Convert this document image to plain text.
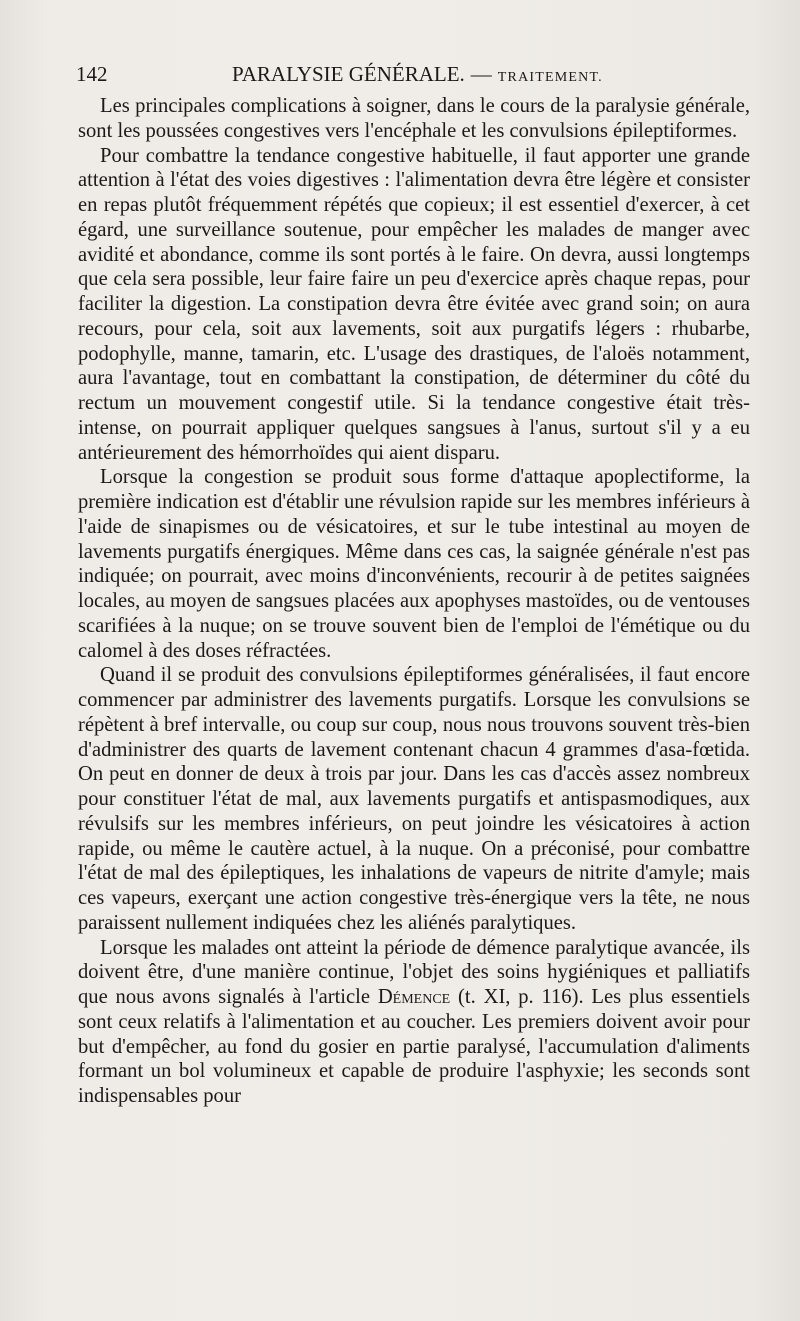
142	PARALYSIE GÉNÉRALE. — TRAITEMENT.

Les principales complications à soigner, dans le cours de la paralysie générale, sont les poussées congestives vers l'encéphale et les convulsions épileptiformes.

Pour combattre la tendance congestive habituelle, il faut apporter une grande attention à l'état des voies digestives : l'alimentation devra être légère et consister en repas plutôt fréquemment répétés que copieux; il est essentiel d'exercer, à cet égard, une surveillance soutenue, pour empêcher les malades de manger avec avidité et abondance, comme ils sont portés à le faire. On devra, aussi longtemps que cela sera possible, leur faire faire un peu d'exercice après chaque repas, pour faciliter la digestion. La constipation devra être évitée avec grand soin; on aura recours, pour cela, soit aux lavements, soit aux purgatifs légers : rhubarbe, podophylle, manne, tamarin, etc. L'usage des drastiques, de l'aloës notamment, aura l'avantage, tout en combattant la constipation, de déterminer du côté du rectum un mouvement congestif utile. Si la tendance congestive était très-intense, on pourrait appliquer quelques sangsues à l'anus, surtout s'il y a eu antérieurement des hémorrhoïdes qui aient disparu.

Lorsque la congestion se produit sous forme d'attaque apoplectiforme, la première indication est d'établir une révulsion rapide sur les membres inférieurs à l'aide de sinapismes ou de vésicatoires, et sur le tube intestinal au moyen de lavements purgatifs énergiques. Même dans ces cas, la saignée générale n'est pas indiquée; on pourrait, avec moins d'inconvénients, recourir à de petites saignées locales, au moyen de sangsues placées aux apophyses mastoïdes, ou de ventouses scarifiées à la nuque; on se trouve souvent bien de l'emploi de l'émétique ou du calomel à des doses réfractées.

Quand il se produit des convulsions épileptiformes généralisées, il faut encore commencer par administrer des lavements purgatifs. Lorsque les convulsions se répètent à bref intervalle, ou coup sur coup, nous nous trouvons souvent très-bien d'administrer des quarts de lavement contenant chacun 4 grammes d'asa-fœtida. On peut en donner de deux à trois par jour. Dans les cas d'accès assez nombreux pour constituer l'état de mal, aux lavements purgatifs et antispasmodiques, aux révulsifs sur les membres inférieurs, on peut joindre les vésicatoires à action rapide, ou même le cautère actuel, à la nuque. On a préconisé, pour combattre l'état de mal des épileptiques, les inhalations de vapeurs de nitrite d'amyle; mais ces vapeurs, exerçant une action congestive très-énergique vers la tête, ne nous paraissent nullement indiquées chez les aliénés paralytiques.

Lorsque les malades ont atteint la période de démence paralytique avancée, ils doivent être, d'une manière continue, l'objet des soins hygiéniques et palliatifs que nous avons signalés à l'article Démence (t. XI, p. 116). Les plus essentiels sont ceux relatifs à l'alimentation et au coucher. Les premiers doivent avoir pour but d'empêcher, au fond du gosier en partie paralysé, l'accumulation d'aliments formant un bol volumineux et capable de produire l'asphyxie; les seconds sont indispensables pour
